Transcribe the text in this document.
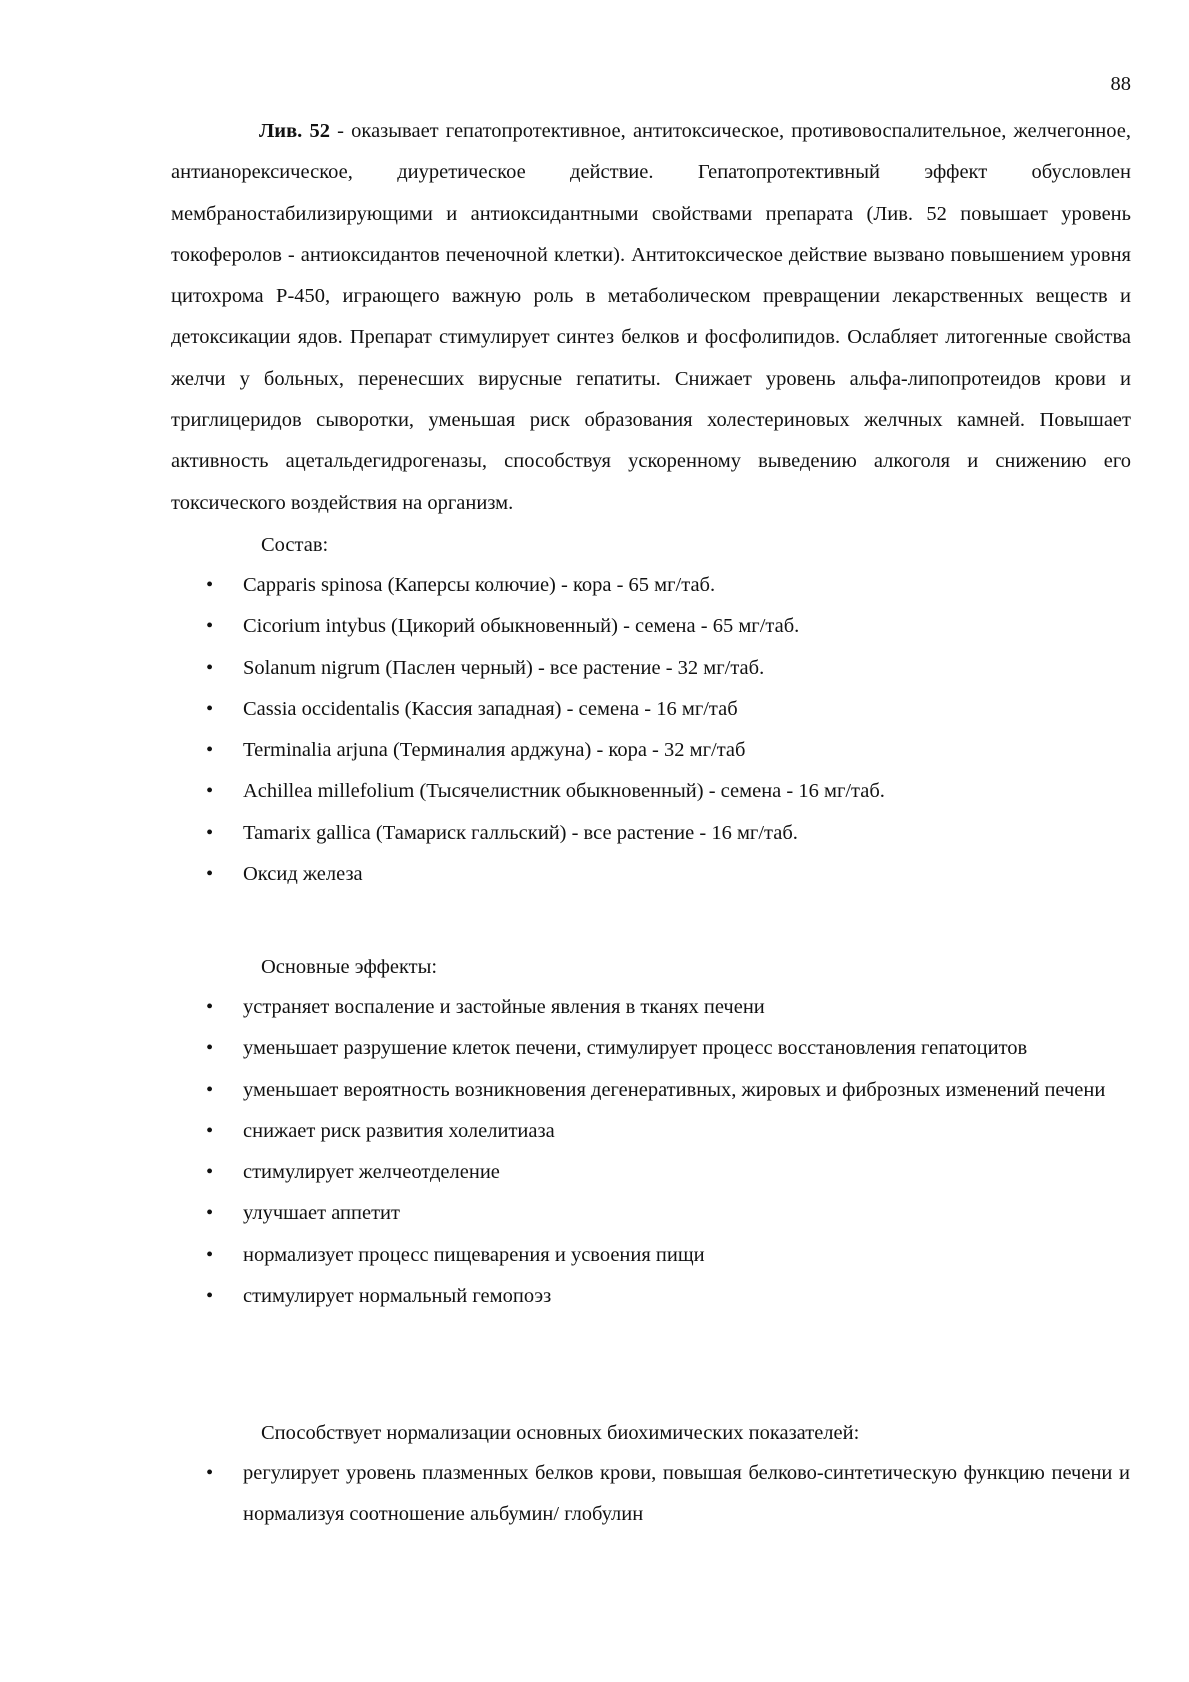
88

Лив. 52 - оказывает гепатопротективное, антитоксическое, противовоспалительное, желчегонное, антианорексическое, диуретическое действие. Гепатопротективный эффект обусловлен мембраностабилизирующими и антиоксидантными свойствами препарата (Лив. 52 повышает уровень токоферолов - антиоксидантов печеночной клетки). Антитоксическое действие вызвано повышением уровня цитохрома Р-450, играющего важную роль в метаболическом превращении лекарственных веществ и детоксикации ядов. Препарат стимулирует синтез белков и фосфолипидов. Ослабляет литогенные свойства желчи у больных, перенесших вирусные гепатиты. Снижает уровень альфа-липопротеидов крови и триглицеридов сыворотки, уменьшая риск образования холестериновых желчных камней. Повышает активность ацетальдегидрогеназы, способствуя ускоренному выведению алкоголя и снижению его токсического воздействия на организм.

Состав:
• Capparis spinosa (Каперсы колючие) - кора - 65 мг/таб.
• Cicorium intybus (Цикорий обыкновенный) - семена - 65 мг/таб.
• Solanum nigrum (Паслен черный) - все растение - 32 мг/таб.
• Cassia occidentalis (Кассия западная) - семена - 16 мг/таб
• Terminalia arjuna (Терминалия арджуна) - кора - 32 мг/таб
• Achillea millefolium (Тысячелистник обыкновенный) - семена - 16 мг/таб.
• Tamarix gallica (Тамариск галльский) - все растение - 16 мг/таб.
• Оксид железа
Основные эффекты:
• устраняет воспаление и застойные явления в тканях печени
• уменьшает разрушение клеток печени, стимулирует процесс восстановления гепатоцитов
• уменьшает вероятность возникновения дегенеративных, жировых и фиброзных изменений печени
• снижает риск развития холелитиаза
• стимулирует желчеотделение
• улучшает аппетит
• нормализует процесс пищеварения и усвоения пищи
• стимулирует нормальный гемопоэз
Способствует нормализации основных биохимических показателей:
• регулирует уровень плазменных белков крови, повышая белково-синтетическую функцию печени и нормализуя соотношение альбумин/ глобулин
